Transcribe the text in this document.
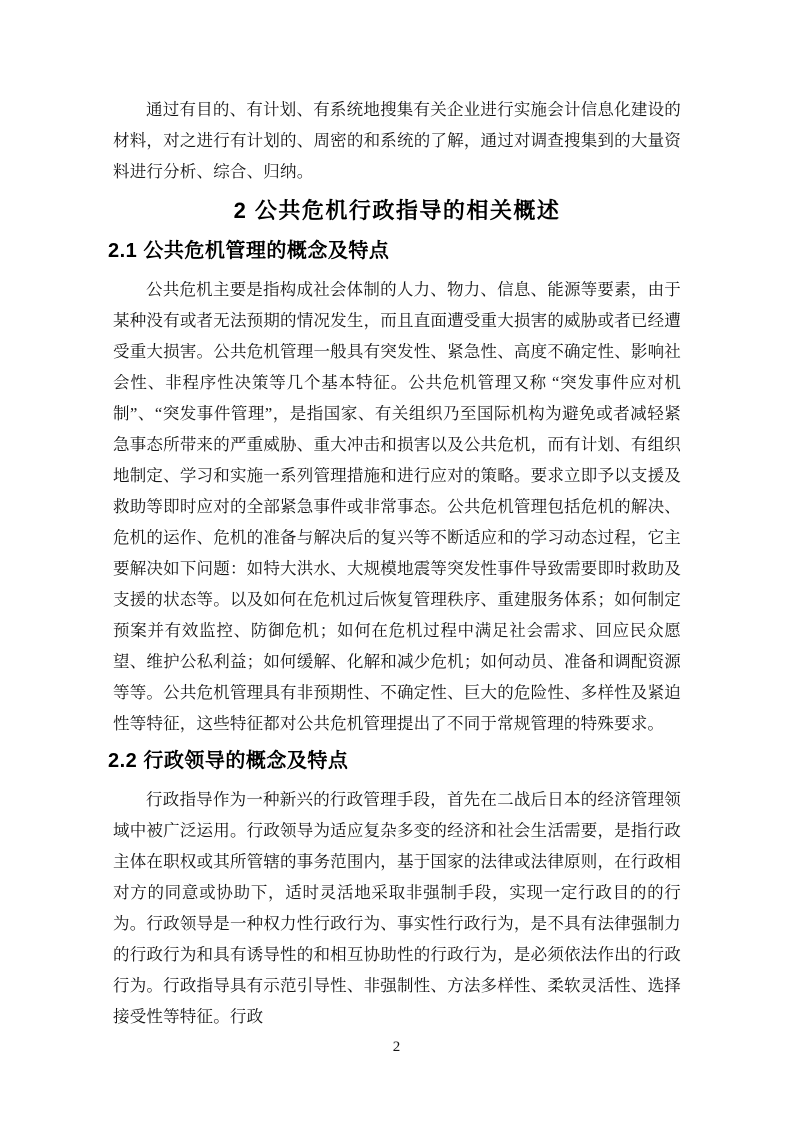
通过有目的、有计划、有系统地搜集有关企业进行实施会计信息化建设的材料，对之进行有计划的、周密的和系统的了解，通过对调查搜集到的大量资料进行分析、综合、归纳。

2 公共危机行政指导的相关概述
2.1 公共危机管理的概念及特点

公共危机主要是指构成社会体制的人力、物力、信息、能源等要素，由于某种没有或者无法预期的情况发生，而且直面遭受重大损害的威胁或者已经遭受重大损害。公共危机管理一般具有突发性、紧急性、高度不确定性、影响社会性、非程序性决策等几个基本特征。公共危机管理又称 “突发事件应对机制”、“突发事件管理”，是指国家、有关组织乃至国际机构为避免或者减轻紧急事态所带来的严重威胁、重大冲击和损害以及公共危机，而有计划、有组织地制定、学习和实施一系列管理措施和进行应对的策略。要求立即予以支援及救助等即时应对的全部紧急事件或非常事态。公共危机管理包括危机的解决、危机的运作、危机的准备与解决后的复兴等不断适应和的学习动态过程，它主要解决如下问题：如特大洪水、大规模地震等突发性事件导致需要即时救助及支援的状态等。以及如何在危机过后恢复管理秩序、重建服务体系；如何制定预案并有效监控、防御危机；如何在危机过程中满足社会需求、回应民众愿望、维护公私利益；如何缓解、化解和减少危机；如何动员、准备和调配资源等等。公共危机管理具有非预期性、不确定性、巨大的危险性、多样性及紧迫性等特征，这些特征都对公共危机管理提出了不同于常规管理的特殊要求。

2.2 行政领导的概念及特点

行政指导作为一种新兴的行政管理手段，首先在二战后日本的经济管理领域中被广泛运用。行政领导为适应复杂多变的经济和社会生活需要，是指行政主体在职权或其所管辖的事务范围内，基于国家的法律或法律原则，在行政相对方的同意或协助下，适时灵活地采取非强制手段，实现一定行政目的的行为。行政领导是一种权力性行政行为、事实性行政行为，是不具有法律强制力的行政行为和具有诱导性的和相互协助性的行政行为，是必须依法作出的行政行为。行政指导具有示范引导性、非强制性、方法多样性、柔软灵活性、选择接受性等特征。行政

2
